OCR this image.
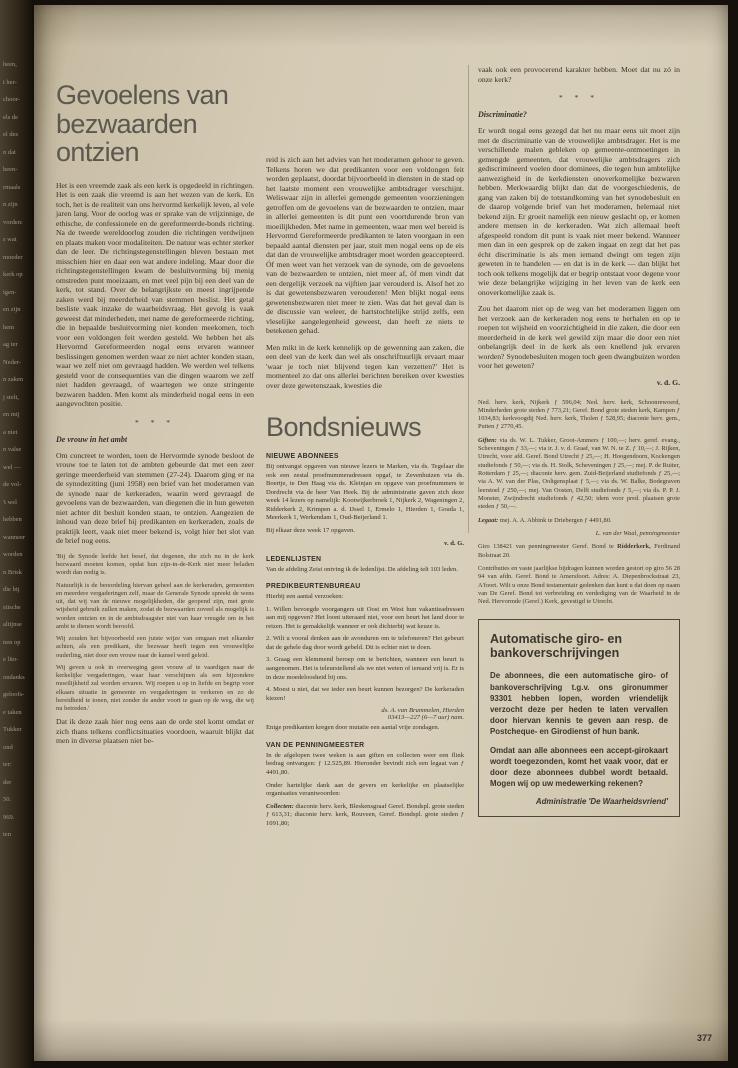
heen,
t her-
choor-
els de
el des
n dat
heen-
rmaals
n zijn
vorden:
s wat
moeder
kerk op
igen-
en zijn
hem
ag ter
Neder-
n zaken
j stelt,
en mij
a niet
n valse
wel —
de vol-
't wel
hebben
wanneer
worden
n Brisk
die bij
stische
altijnse
nen op
e lito-
ondanks
geloofs-
e taken
Tukker
ond
ter:
der
50.
969.
ten
Gevoelens van
bezwaarden ontzien

Het is een vreemde zaak als een kerk is opgedeeld in richtingen. Het is een zaak die vreemd is aan het wezen van de kerk. En toch, het is de realiteit van ons hervormd kerkelijk leven, al vele jaren lang. Voor de oorlog was er sprake van de vrijzinnige, de ethische, de confessionele en de gereformeerde-bonds richting. Na de tweede wereldoorlog zouden die richtingen verdwijnen en plaats maken voor modaliteiten. De natuur was echter sterker dan de leer. De richtingstegenstellingen bleven bestaan met misschien hier en daar een wat andere indeling. Maar door die richtingstegenstellingen kwam de besluitvorming bij menig omstreden punt moeizaam, en met veel pijn bij een deel van de kerk, tot stand. Over de belangrijkste en meest ingrijpende zaken werd bij meerderheid van stemmen beslist. Het getal besliste vaak inzake de waarheidsvraag. Het gevolg is vaak geweest dat minderheden, met name de gereformeerde richting, die in bepaalde besluitvorming niet konden meekomen, toch voor een voldongen feit werden gesteld. We hebben het als Hervormd Gereformeerden nogal eens ervaren wanneer beslissingen genomen werden waar ze niet achter konden staan, waar we zelf niet om gevraagd hadden. We werden wel telkens gesteld voor de consequenties van die dingen waarom we zelf niet hadden gevraagd, of waartegen we onze stringente bezwaren hadden. Men komt als minderheid nogal eens in een aangevochten positie.

* * *
De vrouw in het ambt

Om concreet te worden, toen de Hervormde synode besloot de vrouw toe te laten tot de ambten gebeurde dat met een zeer geringe meerderheid van stemmen (27-24). Daarom ging er na de synodezitting (juni 1958) een brief van het moderamen van de synode naar de kerkeraden, waarin werd gevraagd de gevoelens van de bezwaarden, van diegenen die in hun geweten niet achter dit besluit konden staan, te ontzien. Aangezien de inhoud van deze brief bij predikanten en kerkeraden, zoals de praktijk leert, vaak niet meer bekend is, volgt hier het slot van de brief nog eens.

'Bij de Synode leefde het besef, dat degenen, die zich nu in de kerk bezwaard moeten komen, opdat hun zijn-in-de-Kerk niet meer beladen wordt dan nodig is.

Natuurlijk is de beoordeling hiervan geheel aan de kerkeraden, gemeenten en meerdere vergaderingen zelf, maar de Generale Synode spreekt de wens uit, dat wij van de nieuwe mogelijkheden, die geopend zijn, met grote wijsheid gebruik zullen maken, zodat de bezwaarden zoveel als mogelijk is worden ontzien en in de ambtsdraagster niet van haar vreugde om in het ambt te dienen wordt beroofd.

Wij zouden het bijvoorbeeld een juiste wijze van omgaan met elkander achten, als een predikant, die bezwaar heeft tegen een vrouwelijke ouderling, niet door een vrouw naar de kansel werd geleid.

Wij geven u ook in overweging geen vrouw af te vaardigen naar de kerkelijke vergaderingen, waar haar verschijnen als een bijzondere moeilijkheid zal worden ervaren. Wij roepen u op in liefde en begrip voor elkaars situatie in gemeente en vergaderingen te verkeren en zo de bereidheid te tonen, niet zonder de ander voort te gaan op de weg, die wij nu betreden.'

Dat ik deze zaak hier nog eens aan de orde stel komt omdat er zich thans telkens conflictsituaties voordoen, waaruit blijkt dat men in diverse plaatsen niet be-

reid is zich aan het advies van het moderamen gehoor te geven. Telkens horen we dat predikanten voor een voldongen feit worden geplaatst, doordat bijvoorbeeld in diensten in de stad op het laatste moment een vrouwelijke ambtsdrager verschijnt. Weliswaar zijn in allerlei gemengde gemeenten voorzieningen getroffen om de gevoelens van de bezwaarden te ontzien, maar in allerlei gemeenten is dit punt een voortdurende bron van moeilijkheden. Met name in gemeenten, waar men wel bereid is Hervormd Gereformeerde predikanten te laten voorgaan in een bepaald aantal diensten per jaar, stuit men nogal eens op de eis dat dan de vrouwelijke ambtsdrager moet worden geaccepteerd. Óf men weet van het verzoek van de synode, om de gevoelens van de bezwaarden te ontzien, niet meer af, óf men vindt dat een dergelijk verzoek na vijftien jaar verouderd is. Alsof het zo is dat gewetensbezwaren verouderen! Men blijkt nogal eens gewetensbezwaren niet meer te zien. Was dat het geval dan is de discussie van weleer, de hartstochtelijke strijd zelfs, een vleselijke aangelegenheid geweest, dan heeft ze niets te betekenen gehad.

Men mikt in de kerk kennelijk op de gewenning aan zaken, die een deel van de kerk dan wel als onschriftuurlijk ervaart maar 'waar je toch niet blijvend tegen kan verzetten?' Het is momenteel zo dat ons allerlei berichten bereiken over kwesties over deze gewetenszaak, kwesties die

Bondsnieuws
NIEUWE ABONNEES

Bij ontvangst opgaven van nieuwe lezers te Marken, via ds. Tegelaar die ook een zestal proefnummeradressen opgaf, te Zevenhuizen via ds. Boertje, te Den Haag via ds. Kleinjan en opgave van proefnummers te Dordrecht via de heer Van Heek. Bij de administratie gaven zich deze week 14 lezers op namelijk: Kootwijkerbroek 1, Nijkerk 2, Wageningen 2, Ridderkerk 2, Krimpen a. d. IJssel 1, Ermelo 1, Hierden 1, Gouda 1, Meerkerk 1, Werkendam 1, Oud-Beijerland 1.

Bij elkaar deze week 17 opgaven.

v. d. G.
LEDENLIJSTEN

Van de afdeling Zeist ontving ik de ledenlijst. De afdeling telt 103 leden.

PREDIKBEURTENBUREAU

Hierbij een aantal verzoeken:

1. Willen bevoegde voorgangers uit Oost en West hun vakantieadressen aan mij opgeven? Het loont uiteraard niet, voor een beurt het land door te reizen. Het is gemakkelijk wanneer er ook dichterbij wat keuze is.

2. Wilt u vooral denken aan de avonduren om te telefoneren? Het gebeurt dat de gehele dag door wordt gebeld. Dit is echter niet te doen.

3. Graag een klemmend beroep om te berichten, wanneer een beurt is aangenomen. Het is teleurstellend als we niet weten of iemand vrij is. Er is in deze moedeloosheid bij ons.

4. Moest u niet, dat we ieder een beurt kunnen bezorgen? De kerkeraden kiezen!

ds. A. van Brummelen, Hierden
03413—227 (6—7 uur) nam.
Enige predikanten kregen door mutatie een aantal vrije zondagen.
VAN DE PENNINGMEESTER

In de afgelopen twee weken is aan giften en collecten weer een flink bedrag ontvangen: ƒ 12.525,89. Hieronder bevindt zich een legaat van ƒ 4491,80.

Onder hartelijke dank aan de gevers en kerkelijke en plaatselijke organisaties verantwoorden:

Collecten: diaconie herv. kerk, Bleskensgraaf Geref. Bondspl. grote steden ƒ 613,31; diaconie herv. kerk, Rouveen, Geref. Bondspl. grote steden ƒ 1091,80;

vaak ook een provocerend karakter hebben. Moet dat nu zó in onze kerk?

* * *
Discriminatie?

Er wordt nogal eens gezegd dat het nu maar eens uit moet zijn met de discriminatie van de vrouwelijke ambtsdrager. Het is me verschillende malen gebleken op gemeente-ontmoetingen in gemengde gemeenten, dat vrouwelijke ambtsdragers zich gediscrimineerd voelen door dominees, die tegen hun ambtelijke aanwezigheid in de kerkdiensten onoverkomelijke bezwaren hebben. Merkwaardig blijkt dan dat de voorgeschiedenis, de gang van zaken bij de totstandkoming van het synodebesluit en de daarop volgende brief van het moderamen, helemaal niet bekend zijn. Er groeit namelijk een nieuw geslacht op, er komen andere mensen in de kerkeraden. Wat zich allemaal heeft afgespeeld rondom dit punt is vaak niet meer bekend. Wanneer men dan in een gesprek op de zaken ingaat en zegt dat het pas écht discriminatie is als men iemand dwingt om tegen zijn geweten in te handelen — en dat is in de kerk — dan blijkt het toch ook telkens mogelijk dat er begrip ontstaat voor degene voor wie deze belangrijke wijziging in het leven van de kerk een onoverkomelijke zaak is.

Zou het daarom niet op de weg van het moderamen liggen om het verzoek aan de kerkeraden nog eens te herhalen en op te roepen tot wijsheid en voorzichtigheid in die zaken, die door een meerderheid in de kerk wel gewild zijn maar die door een niet onbelangrijk deel in de kerk als een knellend juk ervaren worden? Synodebesluiten mogen toch geen dwangbuizen worden voor het geweten?

v. d. G.

Ned. herv. kerk, Nijkerk ƒ 596,04; Ned. herv. kerk, Schoonrewoerd, Minderheden grote steden ƒ 773,21; Geref. Bond grote steden kerk, Kampen ƒ 1034,83; kerkvoogdij Ned. herv. kerk, Tholen ƒ 528,95; diaconie herv. gem., Putten ƒ 2770,45.

Giften: via ds. W. L. Tukker, Groot-Ammers ƒ 100,—; herv. geref. evang., Scheveningen ƒ 33,—; via ir. J. v. d. Graaf, van W. N. te Z. ƒ 10,—; J. Rijken, Utrecht, voor afd. Geref. Bond Utrecht ƒ 25,—; H. Hoogendoorn, Kockengen studiefonds ƒ 50,—; via ds. H. Stolk, Scheveningen ƒ 25,—; mej. P. de Ruiter, Rotterdam ƒ 25,—; diaconie herv. gem. Zuid-Beijerland studiefonds ƒ 25,—; via A. W. van der Plas, Ooltgensplaat ƒ 5,—; via ds. W. Balke, Bodegraven leerstoel ƒ 250,—; mej. Van Oosten, Delft studiefonds ƒ 5,—; via ds. P. P. J. Monster, Zwijndrecht studiefonds ƒ 42,50; idem voor pred. plaatsen grote steden ƒ 50,—.

Legaat: mej. A. A. Abbink te Driebergen ƒ 4491,80.

L. van der Waal, penningmeester

Giro 138421 van penningmeester Geref. Bond te Ridderkerk, Ferdinand Bolstraat 20.

Contributies en vaste jaarlijkse bijdragen kunnen worden gestort op giro 56 28 94 van afdn. Geref. Bond te Amersfoort. Adres: A. Diepenbrockstraat 23, A'foort. Wilt u onze Bond testamentair gedenken dan kunt u dat doen op naam van De Geref. Bond tot verbreiding en verdediging van de Waarheid in de Ned. Hervormde (Geref.) Kerk, gevestigd te Utrecht.

Automatische giro- en
bankoverschrijvingen

De abonnees, die een automatische giro- of bankoverschrijving t.g.v. ons gironummer 93301 hebben lopen, worden vriendelijk verzocht deze per heden te laten vervallen door hiervan kennis te geven aan resp. de Postcheque- en Girodienst of hun bank.

Omdat aan alle abonnees een accept-girokaart wordt toegezonden, komt het vaak voor, dat er door deze abonnees dubbel wordt betaald. Mogen wij op uw medewerking rekenen?

Administratie 'De Waarheidsvriend'
377
